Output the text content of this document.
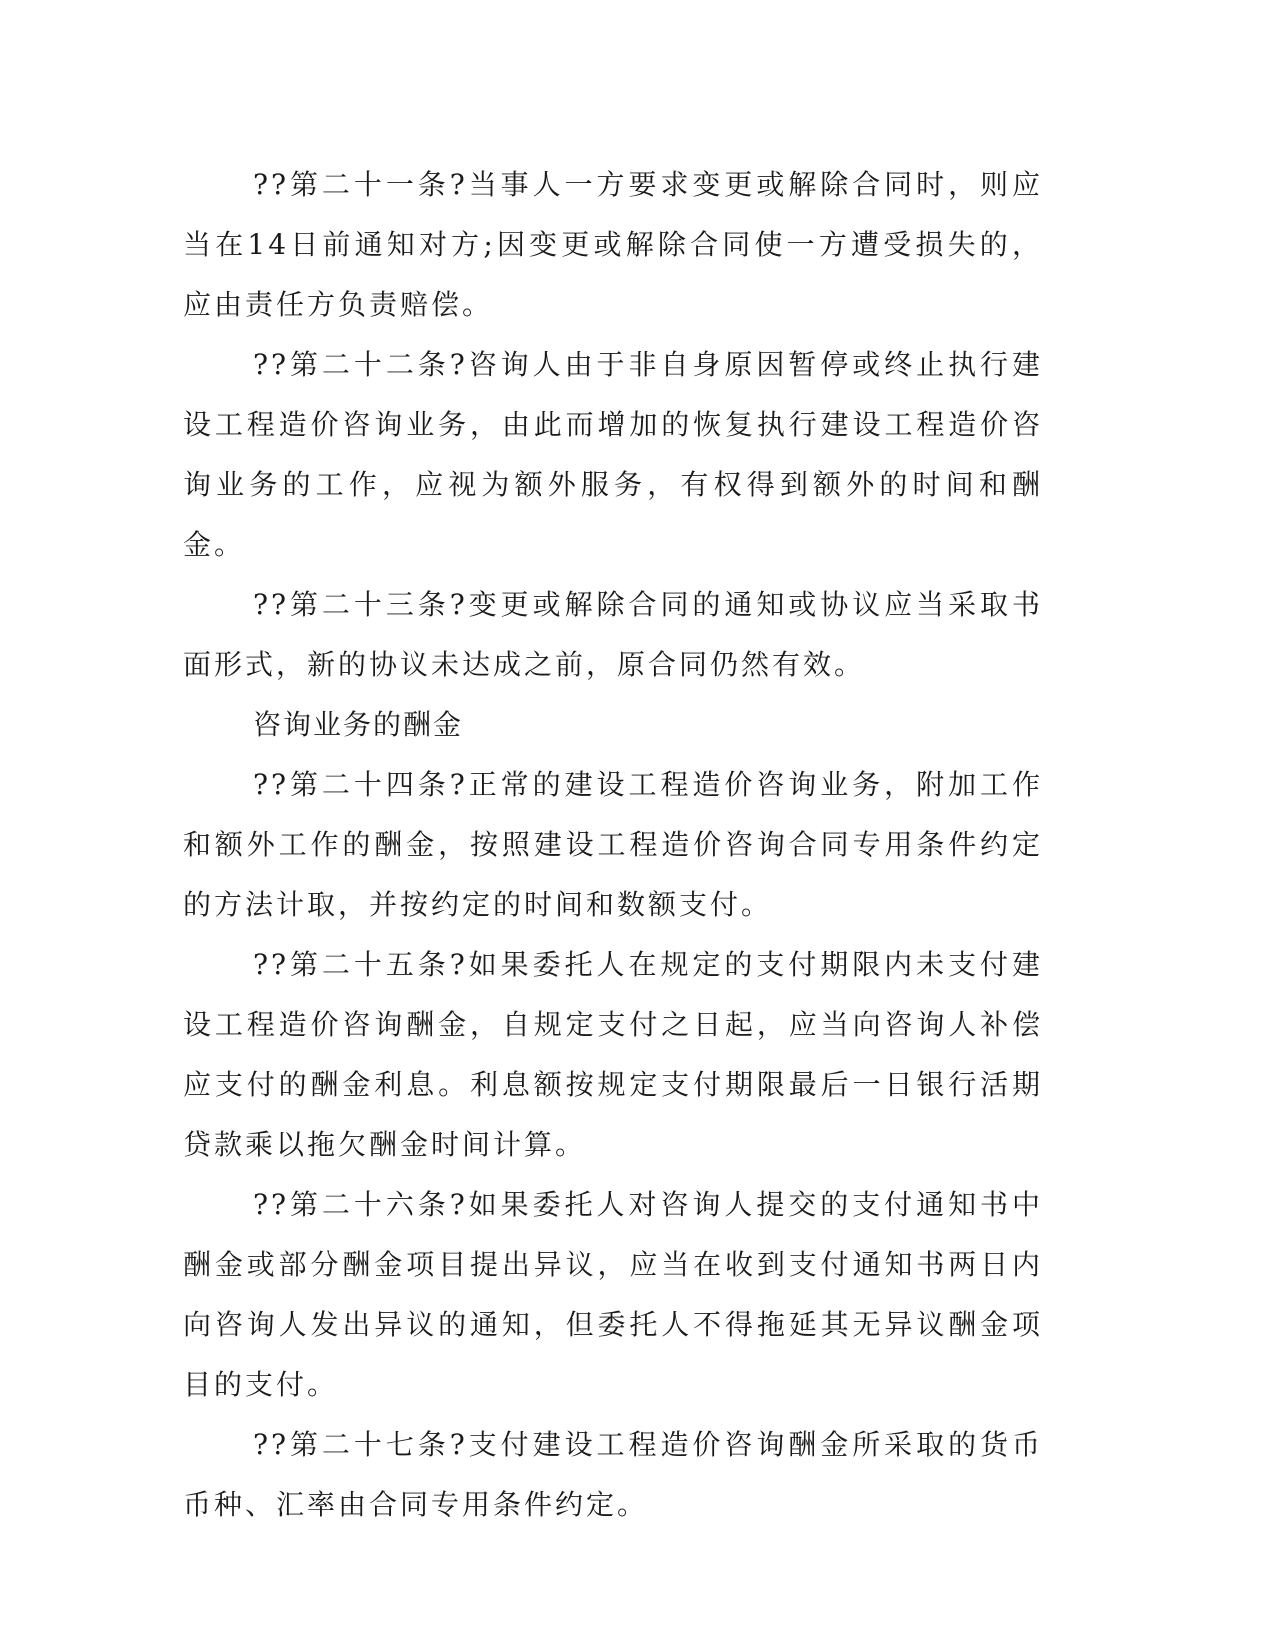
??第二十一条?当事人一方要求变更或解除合同时，则应当在14日前通知对方;因变更或解除合同使一方遭受损失的，应由责任方负责赔偿。

??第二十二条?咨询人由于非自身原因暂停或终止执行建设工程造价咨询业务，由此而增加的恢复执行建设工程造价咨询业务的工作，应视为额外服务，有权得到额外的时间和酬金。

??第二十三条?变更或解除合同的通知或协议应当采取书面形式，新的协议未达成之前，原合同仍然有效。

咨询业务的酬金

??第二十四条?正常的建设工程造价咨询业务，附加工作和额外工作的酬金，按照建设工程造价咨询合同专用条件约定的方法计取，并按约定的时间和数额支付。

??第二十五条?如果委托人在规定的支付期限内未支付建设工程造价咨询酬金，自规定支付之日起，应当向咨询人补偿应支付的酬金利息。利息额按规定支付期限最后一日银行活期贷款乘以拖欠酬金时间计算。

??第二十六条?如果委托人对咨询人提交的支付通知书中酬金或部分酬金项目提出异议，应当在收到支付通知书两日内向咨询人发出异议的通知，但委托人不得拖延其无异议酬金项目的支付。

??第二十七条?支付建设工程造价咨询酬金所采取的货币币种、汇率由合同专用条件约定。
